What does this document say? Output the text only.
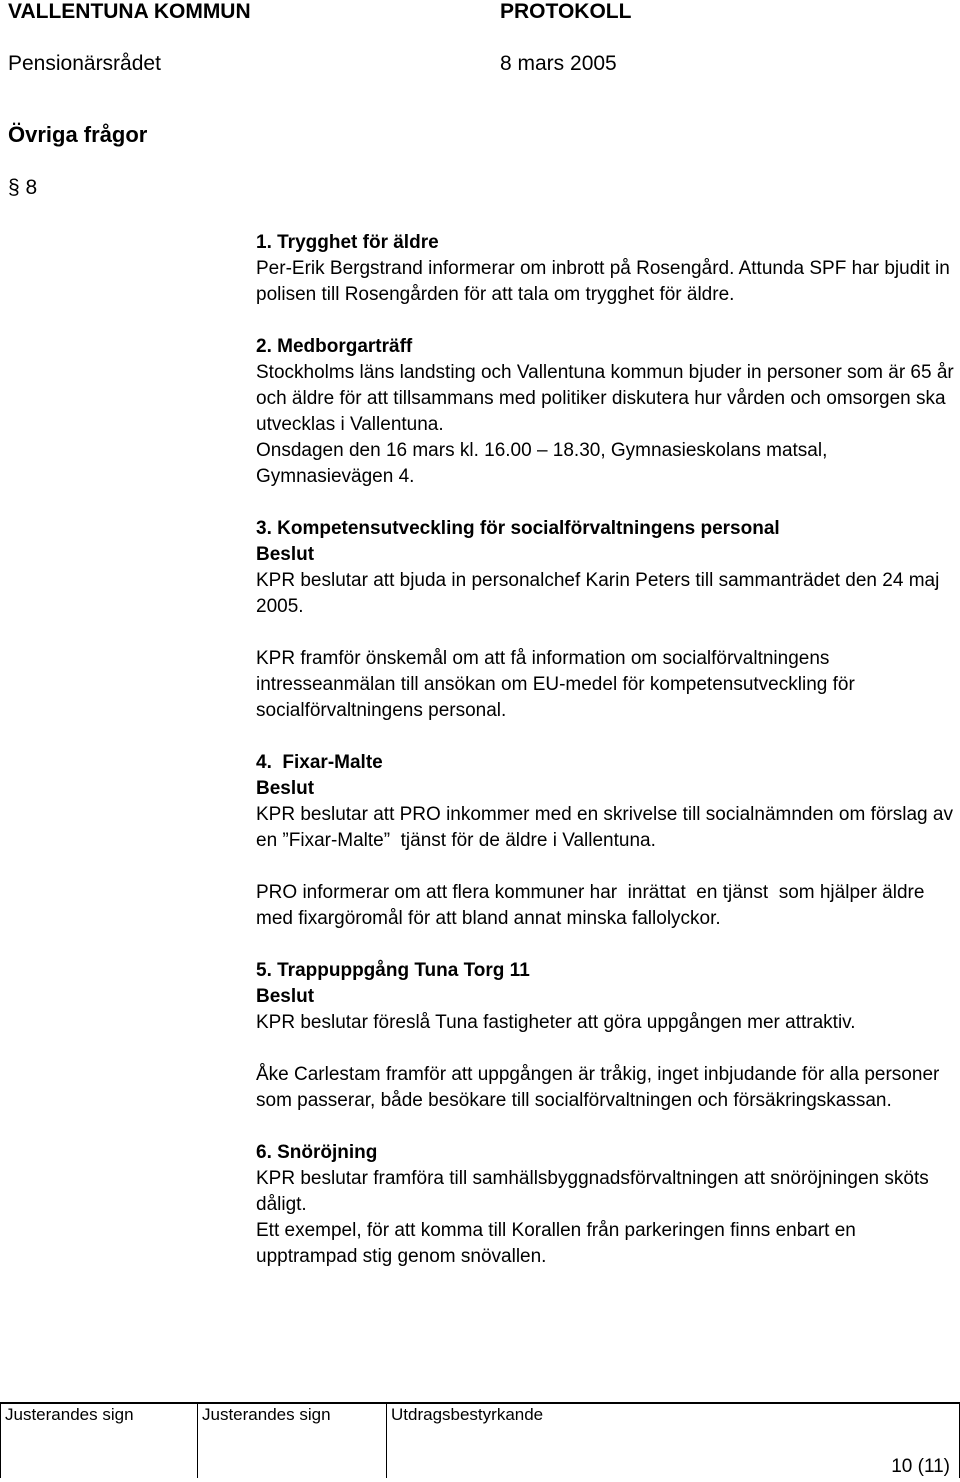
VALLENTUNA KOMMUN	PROTOKOLL
Pensionärsrådet	8 mars 2005
Övriga frågor
§ 8
1. Trygghet för äldre

Per-Erik Bergstrand informerar om inbrott på Rosengård. Attunda SPF har bjudit in polisen till Rosengården för att tala om trygghet för äldre.

2. Medborgarträff

Stockholms läns landsting och Vallentuna kommun bjuder in personer som är 65 år och äldre för att tillsammans med politiker diskutera hur vården och omsorgen ska utvecklas i Vallentuna.

Onsdagen den 16 mars kl. 16.00 – 18.30, Gymnasieskolans matsal, Gymnasievägen 4.

3. Kompetensutveckling för socialförvaltningens personal
Beslut

KPR beslutar att bjuda in personalchef Karin Peters till sammanträdet den 24 maj 2005.

KPR framför önskemål om att få information om socialförvaltningens intresseanmälan till ansökan om EU-medel för kompetensutveckling för socialförvaltningens personal.

4.  Fixar-Malte
Beslut

KPR beslutar att PRO inkommer med en skrivelse till socialnämnden om förslag av en ”Fixar-Malte”  tjänst för de äldre i Vallentuna.

PRO informerar om att flera kommuner har  inrättat  en tjänst  som hjälper äldre med fixargöromål för att bland annat minska fallolyckor.

5. Trappuppgång Tuna Torg 11
Beslut

KPR beslutar föreslå Tuna fastigheter att göra uppgången mer attraktiv.

Åke Carlestam framför att uppgången är tråkig, inget inbjudande för alla personer som passerar, både besökare till socialförvaltningen och försäkringskassan.

6. Snöröjning

KPR beslutar framföra till samhällsbyggnadsförvaltningen att snöröjningen sköts dåligt.
Ett exempel, för att komma till Korallen från parkeringen finns enbart en upptrampad stig genom snövallen.

Justerandes sign	Justerandes sign	Utdragsbestyrkande
10 (11)
